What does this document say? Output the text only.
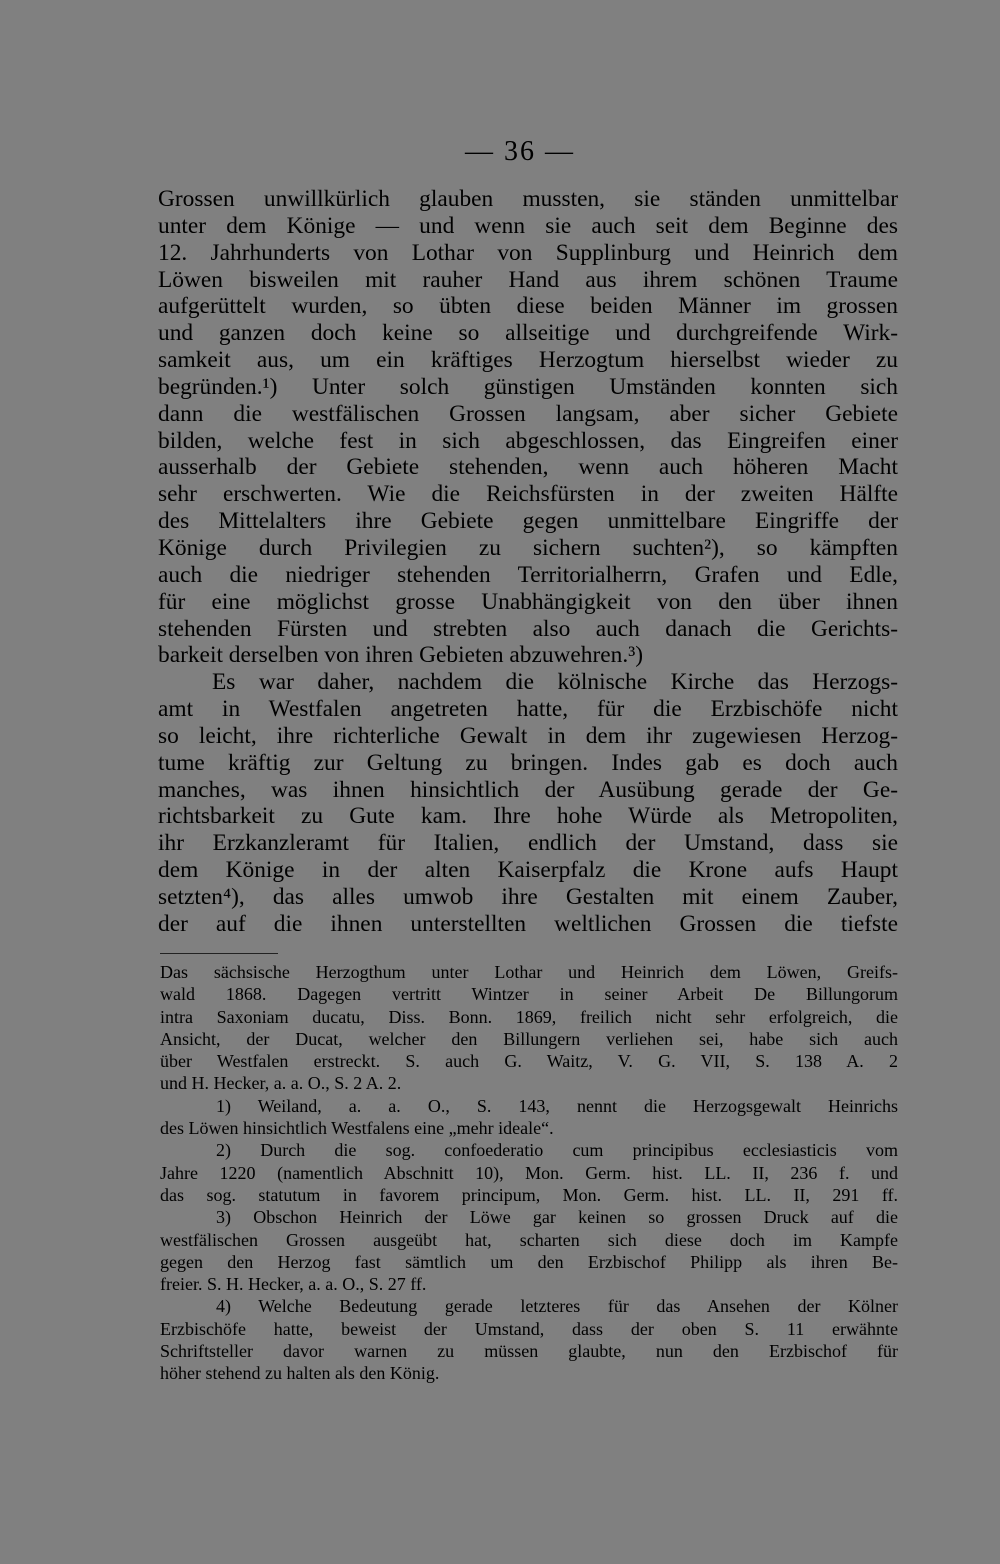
— 36 —
Grossen unwillkürlich glauben mussten, sie ständen unmittelbar
unter dem Könige — und wenn sie auch seit dem Beginne des
12. Jahrhunderts von Lothar von Supplinburg und Heinrich dem
Löwen bisweilen mit rauher Hand aus ihrem schönen Traume
aufgerüttelt wurden, so übten diese beiden Männer im grossen
und ganzen doch keine so allseitige und durchgreifende Wirk-
samkeit aus, um ein kräftiges Herzogtum hierselbst wieder zu
begründen.¹) Unter solch günstigen Umständen konnten sich
dann die westfälischen Grossen langsam, aber sicher Gebiete
bilden, welche fest in sich abgeschlossen, das Eingreifen einer
ausserhalb der Gebiete stehenden, wenn auch höheren Macht
sehr erschwerten. Wie die Reichsfürsten in der zweiten Hälfte
des Mittelalters ihre Gebiete gegen unmittelbare Eingriffe der
Könige durch Privilegien zu sichern suchten²), so kämpften
auch die niedriger stehenden Territorialherrn, Grafen und Edle,
für eine möglichst grosse Unabhängigkeit von den über ihnen
stehenden Fürsten und strebten also auch danach die Gerichts-
barkeit derselben von ihren Gebieten abzuwehren.³)
Es war daher, nachdem die kölnische Kirche das Herzogs-
amt in Westfalen angetreten hatte, für die Erzbischöfe nicht
so leicht, ihre richterliche Gewalt in dem ihr zugewiesen Herzog-
tume kräftig zur Geltung zu bringen. Indes gab es doch auch
manches, was ihnen hinsichtlich der Ausübung gerade der Ge-
richtsbarkeit zu Gute kam. Ihre hohe Würde als Metropoliten,
ihr Erzkanzleramt für Italien, endlich der Umstand, dass sie
dem Könige in der alten Kaiserpfalz die Krone aufs Haupt
setzten⁴), das alles umwob ihre Gestalten mit einem Zauber,
der auf die ihnen unterstellten weltlichen Grossen die tiefste
Das sächsische Herzogthum unter Lothar und Heinrich dem Löwen, Greifs-
wald 1868. Dagegen vertritt Wintzer in seiner Arbeit De Billungorum
intra Saxoniam ducatu, Diss. Bonn. 1869, freilich nicht sehr erfolgreich, die
Ansicht, der Ducat, welcher den Billungern verliehen sei, habe sich auch
über Westfalen erstreckt. S. auch G. Waitz, V. G. VII, S. 138 A. 2
und H. Hecker, a. a. O., S. 2 A. 2.
1) Weiland, a. a. O., S. 143, nennt die Herzogsgewalt Heinrichs
des Löwen hinsichtlich Westfalens eine „mehr ideale“.
2) Durch die sog. confoederatio cum principibus ecclesiasticis vom
Jahre 1220 (namentlich Abschnitt 10), Mon. Germ. hist. LL. II, 236 f. und
das sog. statutum in favorem principum, Mon. Germ. hist. LL. II, 291 ff.
3) Obschon Heinrich der Löwe gar keinen so grossen Druck auf die
westfälischen Grossen ausgeübt hat, scharten sich diese doch im Kampfe
gegen den Herzog fast sämtlich um den Erzbischof Philipp als ihren Be-
freier. S. H. Hecker, a. a. O., S. 27 ff.
4) Welche Bedeutung gerade letzteres für das Ansehen der Kölner
Erzbischöfe hatte, beweist der Umstand, dass der oben S. 11 erwähnte
Schriftsteller davor warnen zu müssen glaubte, nun den Erzbischof für
höher stehend zu halten als den König.
